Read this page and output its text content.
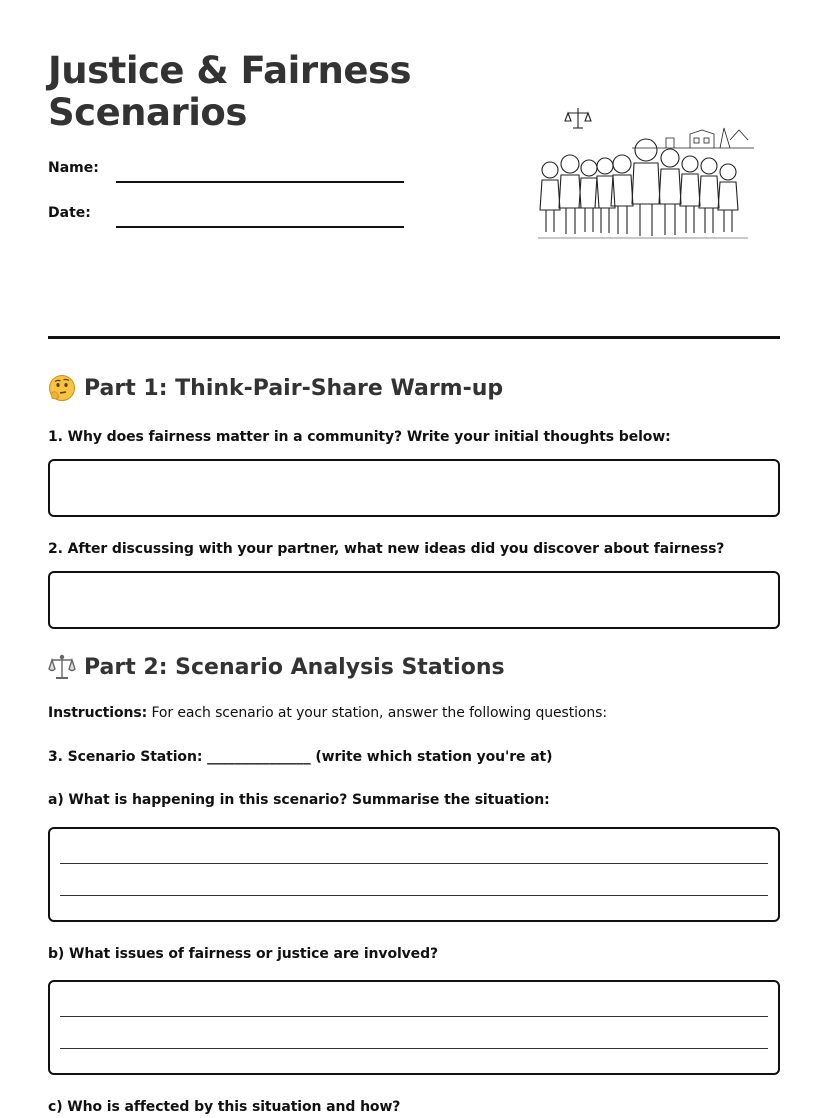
Justice & Fairness
Scenarios
Name:
Date:
Part 1: Think-Pair-Share Warm-up
1. Why does fairness matter in a community? Write your initial thoughts below:
2. After discussing with your partner, what new ideas did you discover about fairness?
Part 2: Scenario Analysis Stations
Instructions: For each scenario at your station, answer the following questions:
3. Scenario Station: _______________ (write which station you're at)
a) What is happening in this scenario? Summarise the situation:
b) What issues of fairness or justice are involved?
c) Who is affected by this situation and how?
